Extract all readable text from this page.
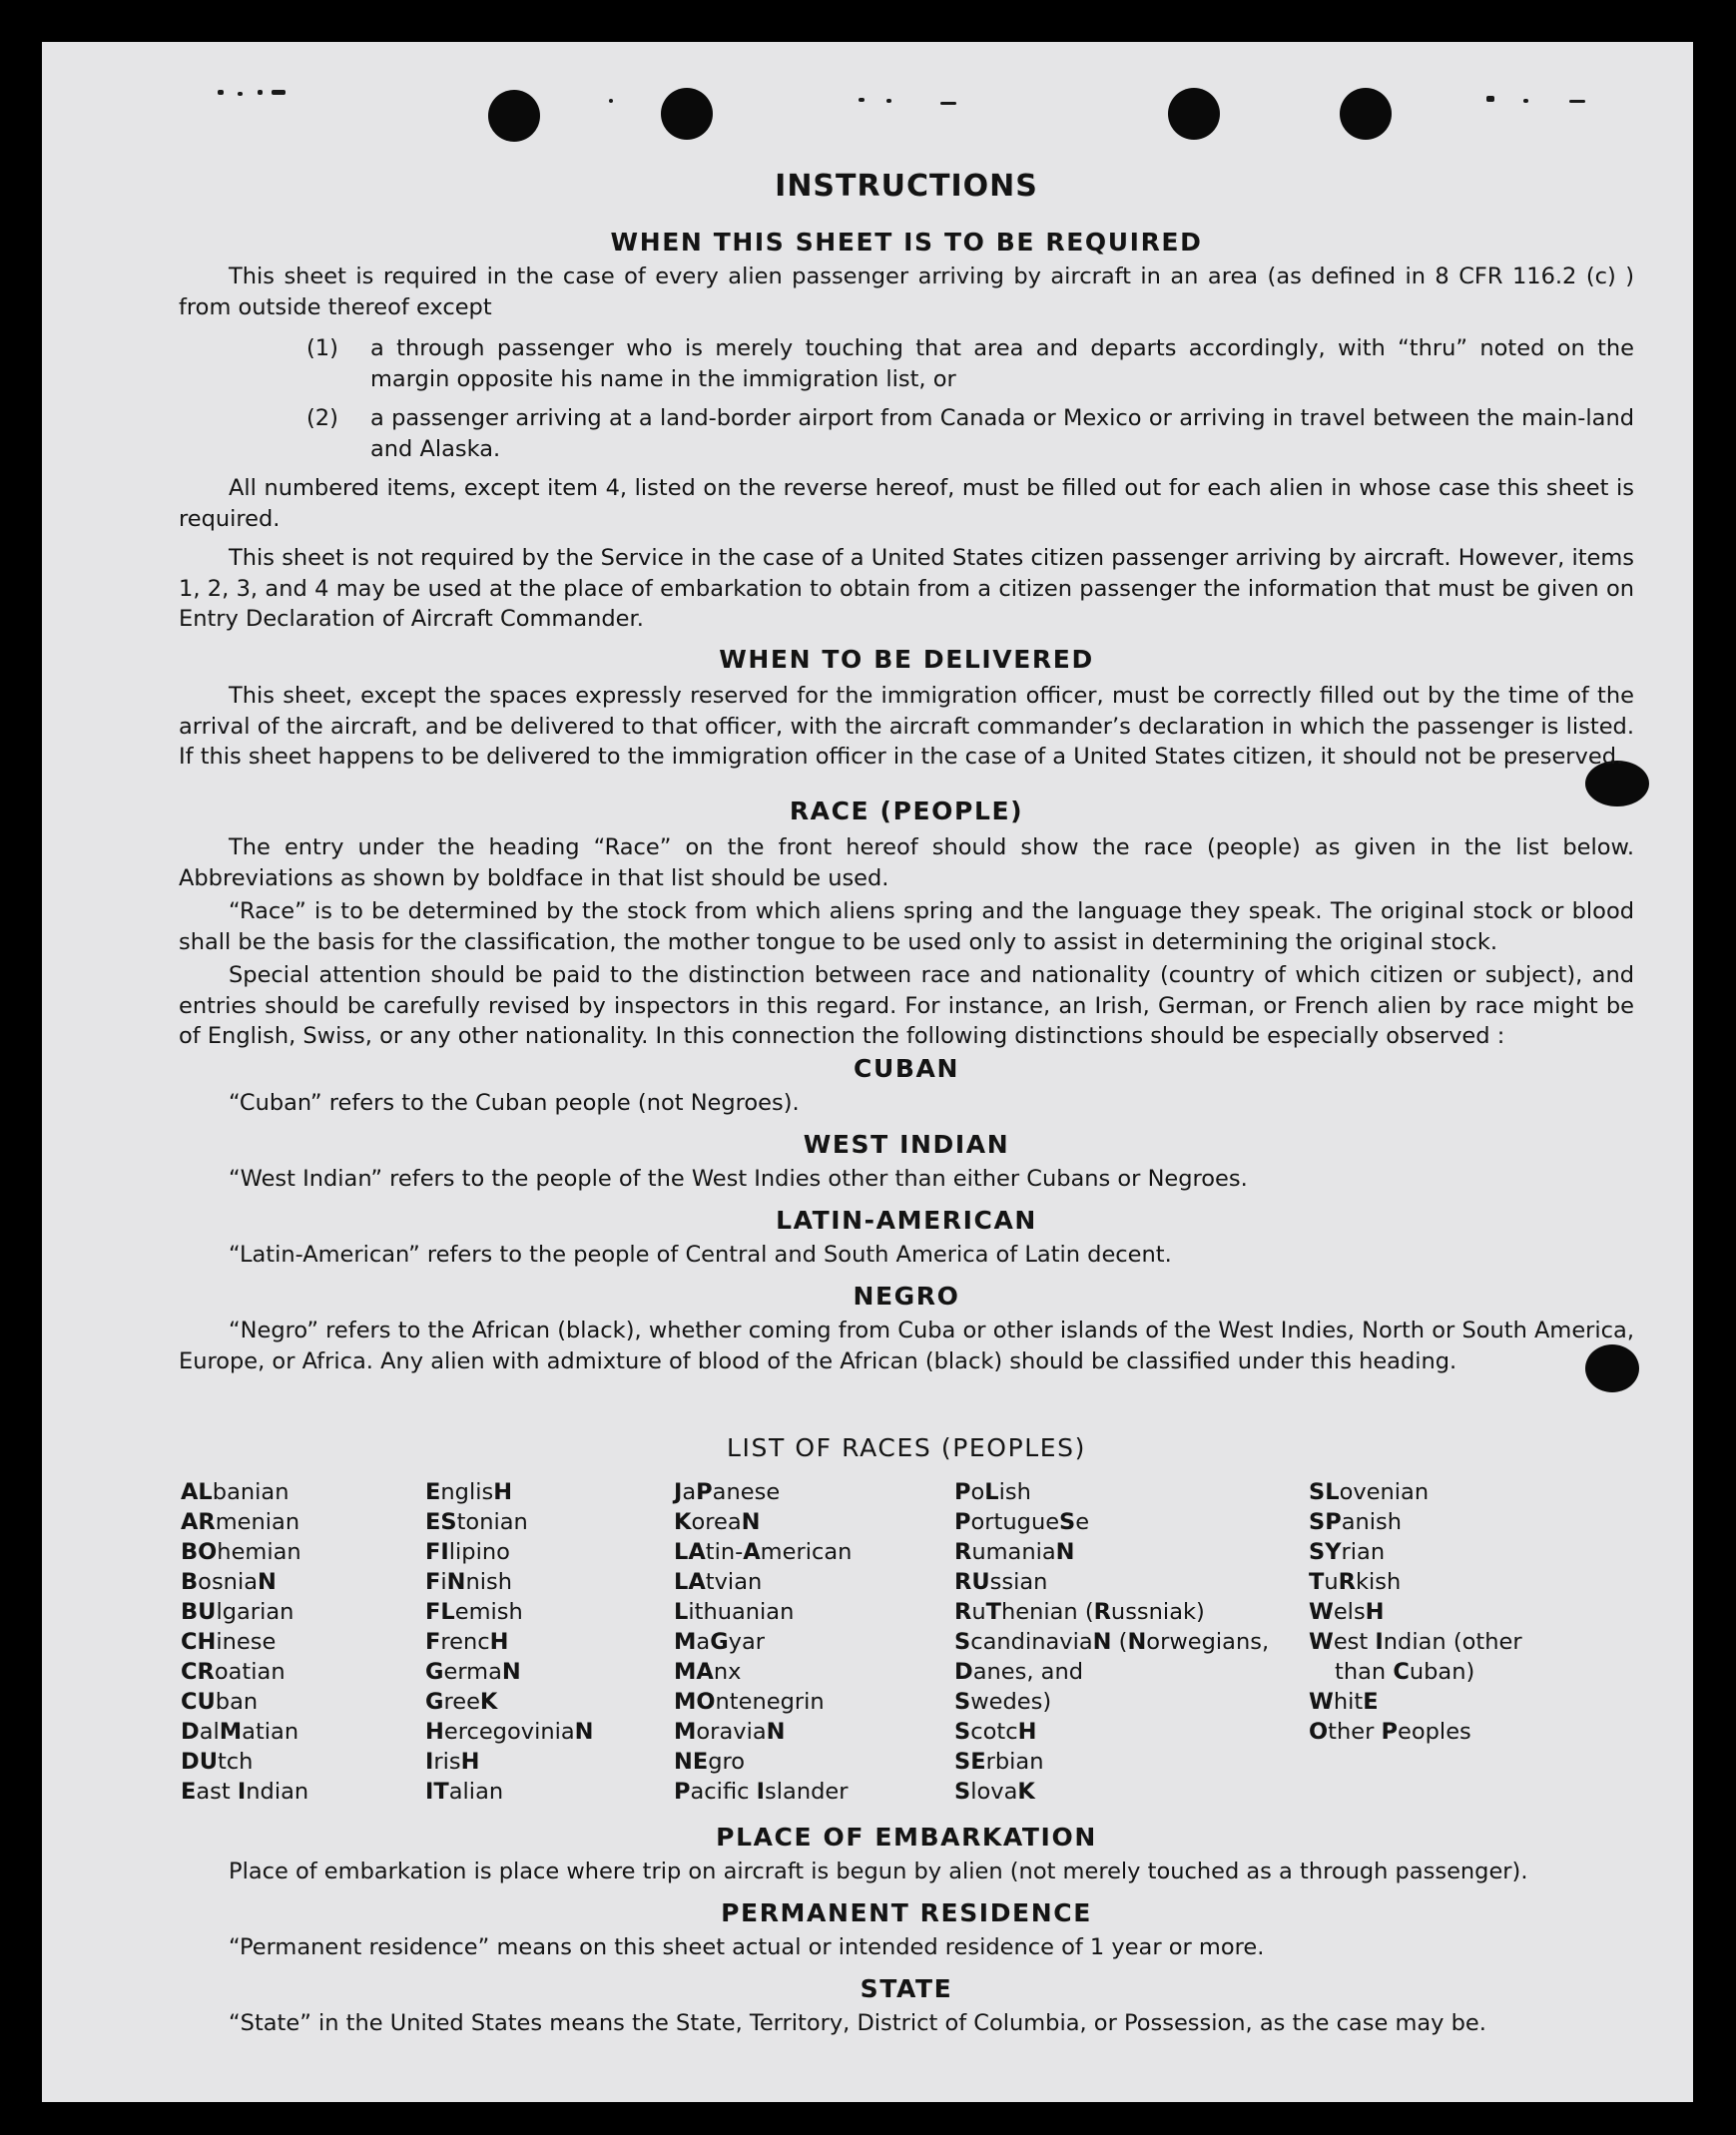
INSTRUCTIONS
WHEN THIS SHEET IS TO BE REQUIRED

This sheet is required in the case of every alien passenger arriving by aircraft in an area (as defined in 8 CFR 116.2 (c) ) from outside thereof except

(1) a through passenger who is merely touching that area and departs accordingly, with “thru” noted on the margin opposite his name in the immigration list, or
(2) a passenger arriving at a land-border airport from Canada or Mexico or arriving in travel between the main-land and Alaska.

All numbered items, except item 4, listed on the reverse hereof, must be filled out for each alien in whose case this sheet is required.

This sheet is not required by the Service in the case of a United States citizen passenger arriving by aircraft. However, items 1, 2, 3, and 4 may be used at the place of embarkation to obtain from a citizen passenger the information that must be given on Entry Declaration of Aircraft Commander.

WHEN TO BE DELIVERED

This sheet, except the spaces expressly reserved for the immigration officer, must be correctly filled out by the time of the arrival of the aircraft, and be delivered to that officer, with the aircraft commander’s declaration in which the passenger is listed. If this sheet happens to be delivered to the immigration officer in the case of a United States citizen, it should not be preserved.

RACE (PEOPLE)

The entry under the heading “Race” on the front hereof should show the race (people) as given in the list below. Abbreviations as shown by boldface in that list should be used.

“Race” is to be determined by the stock from which aliens spring and the language they speak. The original stock or blood shall be the basis for the classification, the mother tongue to be used only to assist in determining the original stock.

Special attention should be paid to the distinction between race and nationality (country of which citizen or subject), and entries should be carefully revised by inspectors in this regard. For instance, an Irish, German, or French alien by race might be of English, Swiss, or any other nationality. In this connection the following distinctions should be especially observed :

CUBAN

“Cuban” refers to the Cuban people (not Negroes).

WEST INDIAN

“West Indian” refers to the people of the West Indies other than either Cubans or Negroes.

LATIN-AMERICAN

“Latin-American” refers to the people of Central and South America of Latin decent.

NEGRO

“Negro” refers to the African (black), whether coming from Cuba or other islands of the West Indies, North or South America, Europe, or Africa. Any alien with admixture of blood of the African (black) should be classified under this heading.

LIST OF RACES (PEOPLES)
ALbanian
ARmenian
BOhemian
BosniaN
BUlgarian
CHinese
CRoatian
CUban
DalMatian
DUtch
East Indian
EnglisH
EStonian
FIlipino
FiNnish
FLemish
FrencH
GermaN
GreeK
HercegoviniaN
IrisH
ITalian
JaPanese
KoreaN
LAtin-American
LAtvian
Lithuanian
MaGyar
MAnx
MOntenegrin
MoraviaN
NEgro
Pacifc Islander
PoLish
PortugueSe
RumaniaN
RUssian
RuThenian (Russniak)
ScandinaviaN (Norwegians,
Danes, and
Swedes)
ScotcH
SErbian
SlovaK
SLovenian
SPanish
SYrian
TuRkish
WelsH
West Indian (other
than Cuban)
WhitE
Other Peoples
PLACE OF EMBARKATION

Place of embarkation is place where trip on aircraft is begun by alien (not merely touched as a through passenger).

PERMANENT RESIDENCE

“Permanent residence” means on this sheet actual or intended residence of 1 year or more.

STATE

“State” in the United States means the State, Territory, District of Columbia, or Possession, as the case may be.
